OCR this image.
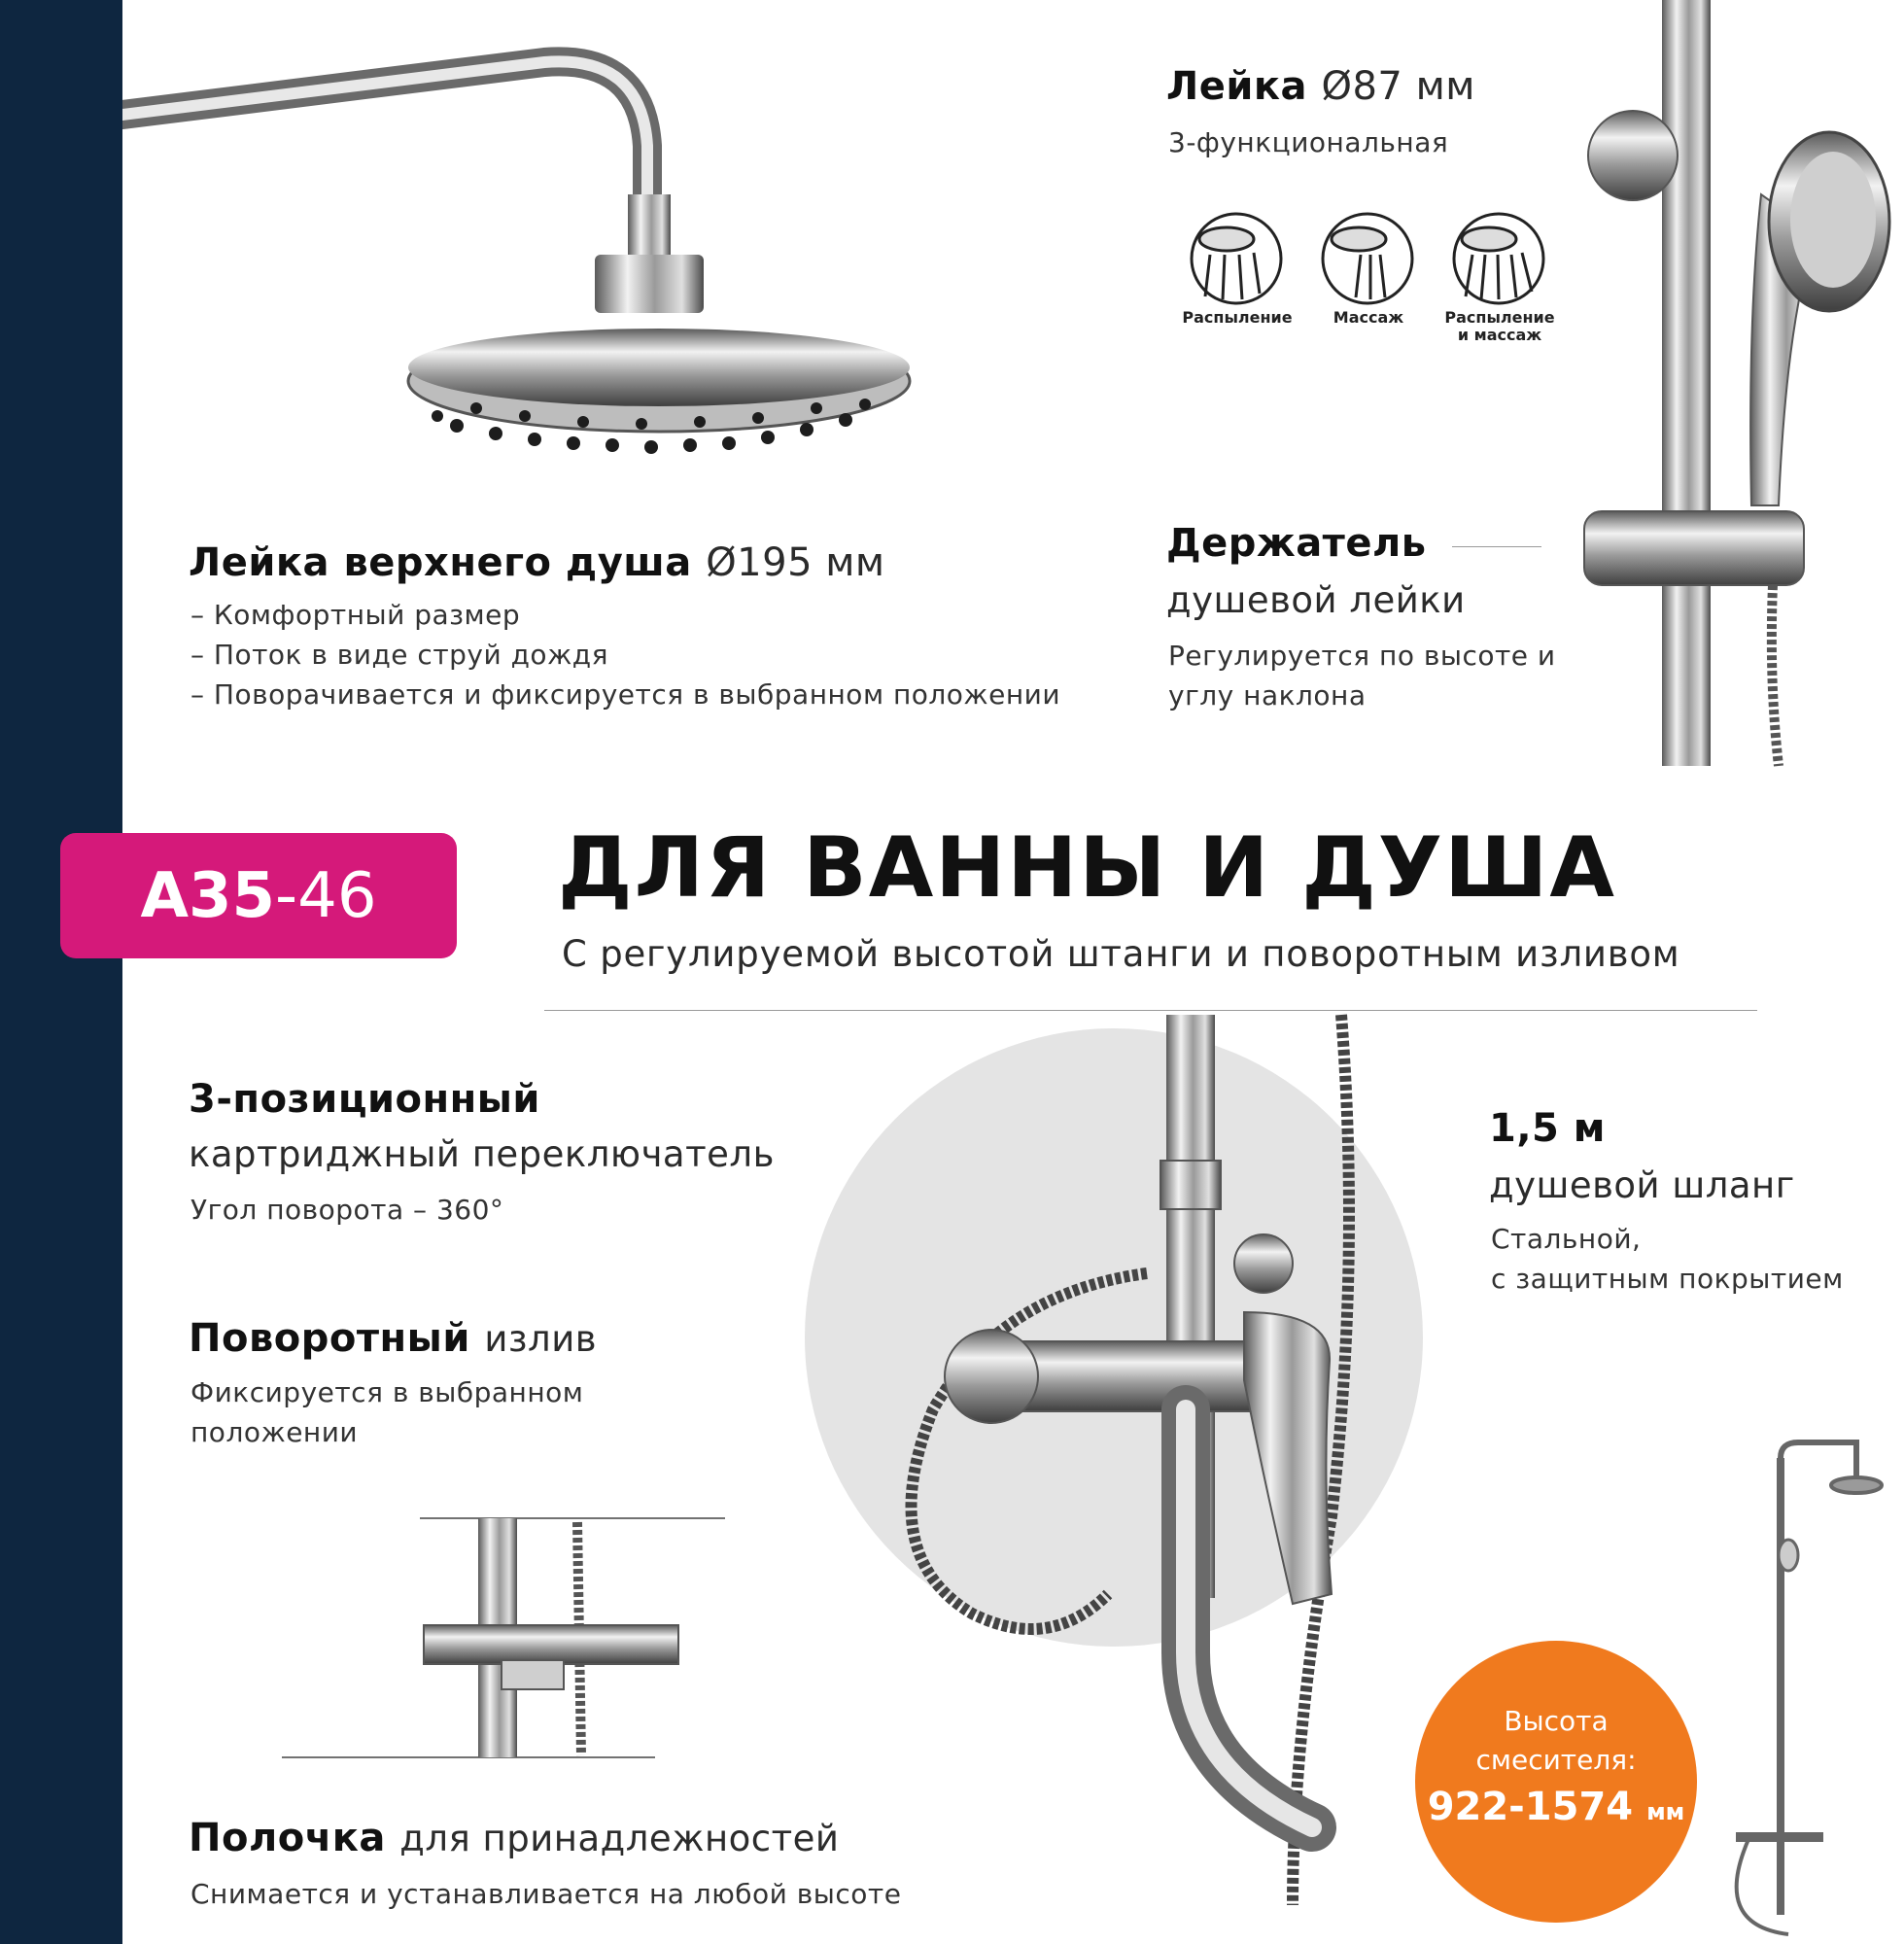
Лейка верхнего душа Ø195 мм
– Комфортный размер
– Поток в виде струй дождя
– Поворачивается и фиксируется в выбранном положении
Лейка Ø87 мм
3-функциональная
Распыление	Массаж	Распыление
и массаж
Держатель
душевой лейки
Регулируется по высоте и
углу наклона
А35 -46 ДЛЯ ВАННЫ И ДУША
С регулируемой высотой штанги и поворотным изливом
3-позиционный
картриджный переключатель
Угол поворота – 360°
Поворотный излив
Фиксируется в выбранном
положении
1,5 м
душевой шланг
Стальной,
с защитным покрытием
Полочка для принадлежностей
Снимается и устанавливается на любой высоте
Высота
смесителя:
922-1574 мм
